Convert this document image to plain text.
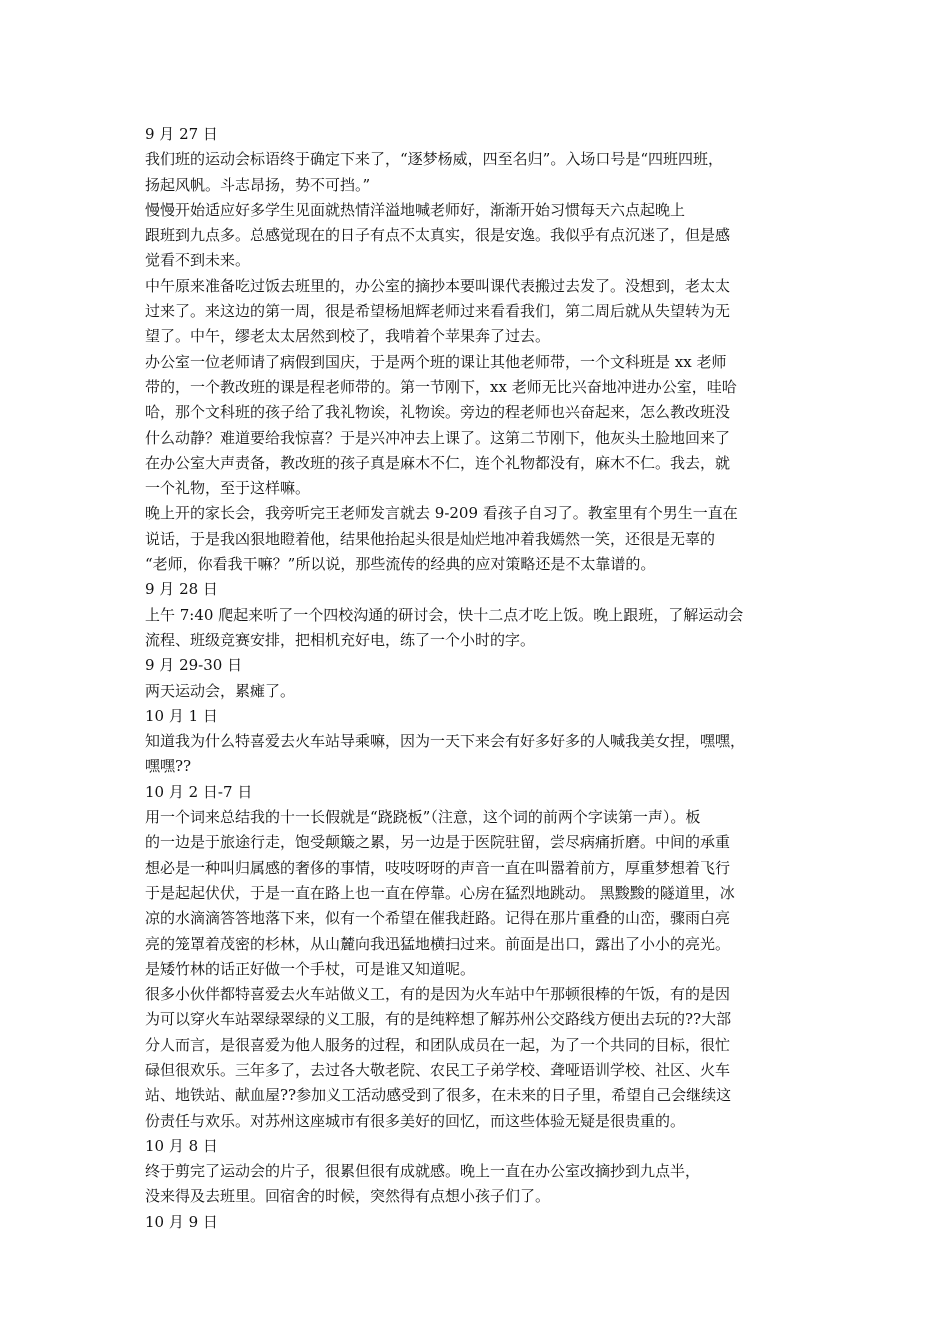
9 月 27 日
我们班的运动会标语终于确定下来了，“逐梦杨威，四至名归”。入场口号是“四班四班，
扬起风帆。斗志昂扬，势不可挡。”
慢慢开始适应好多学生见面就热情洋溢地喊老师好，渐渐开始习惯每天六点起晚上
跟班到九点多。总感觉现在的日子有点不太真实，很是安逸。我似乎有点沉迷了，但是感
觉看不到未来。
中午原来准备吃过饭去班里的，办公室的摘抄本要叫课代表搬过去发了。没想到，老太太
过来了。来这边的第一周，很是希望杨旭辉老师过来看看我们，第二周后就从失望转为无
望了。中午，缪老太太居然到校了，我啃着个苹果奔了过去。
办公室一位老师请了病假到国庆，于是两个班的课让其他老师带，一个文科班是 xx 老师
带的，一个教改班的课是程老师带的。第一节刚下，xx 老师无比兴奋地冲进办公室，哇哈
哈，那个文科班的孩子给了我礼物诶，礼物诶。旁边的程老师也兴奋起来，怎么教改班没
什么动静？难道要给我惊喜？于是兴冲冲去上课了。这第二节刚下，他灰头土脸地回来了
在办公室大声责备，教改班的孩子真是麻木不仁，连个礼物都没有，麻木不仁。我去，就
一个礼物，至于这样嘛。
晚上开的家长会，我旁听完王老师发言就去 9-209 看孩子自习了。教室里有个男生一直在
说话，于是我凶狠地瞪着他，结果他抬起头很是灿烂地冲着我嫣然一笑，还很是无辜的
“老师，你看我干嘛？”所以说，那些流传的经典的应对策略还是不太靠谱的。
9 月 28 日
上午 7:40 爬起来听了一个四校沟通的研讨会，快十二点才吃上饭。晚上跟班，了解运动会
流程、班级竞赛安排，把相机充好电，练了一个小时的字。
9 月 29-30 日
两天运动会，累瘫了。
10 月 1 日
知道我为什么特喜爱去火车站导乘嘛，因为一天下来会有好多好多的人喊我美女捏，嘿嘿，
嘿嘿??
10 月 2 日-7 日
用一个词来总结我的十一长假就是“跷跷板”（注意，这个词的前两个字读第一声）。板
的一边是于旅途行走，饱受颠簸之累，另一边是于医院驻留，尝尽病痛折磨。中间的承重
想必是一种叫归属感的奢侈的事情，吱吱呀呀的声音一直在叫嚣着前方，厚重梦想着飞行
于是起起伏伏，于是一直在路上也一直在停靠。心房在猛烈地跳动。 黑黢黢的隧道里，冰
凉的水滴滴答答地落下来，似有一个希望在催我赶路。记得在那片重叠的山峦，骤雨白亮
亮的笼罩着茂密的杉林，从山麓向我迅猛地横扫过来。前面是出口，露出了小小的亮光。
是矮竹林的话正好做一个手杖，可是谁又知道呢。
很多小伙伴都特喜爱去火车站做义工，有的是因为火车站中午那顿很棒的午饭，有的是因
为可以穿火车站翠绿翠绿的义工服，有的是纯粹想了解苏州公交路线方便出去玩的??大部
分人而言，是很喜爱为他人服务的过程，和团队成员在一起，为了一个共同的目标，很忙
碌但很欢乐。三年多了，去过各大敬老院、农民工子弟学校、聋哑语训学校、社区、火车
站、地铁站、献血屋??参加义工活动感受到了很多，在未来的日子里，希望自己会继续这
份责任与欢乐。对苏州这座城市有很多美好的回忆，而这些体验无疑是很贵重的。
10 月 8 日
终于剪完了运动会的片子，很累但很有成就感。晚上一直在办公室改摘抄到九点半，
没来得及去班里。回宿舍的时候，突然得有点想小孩子们了。
10 月 9 日
